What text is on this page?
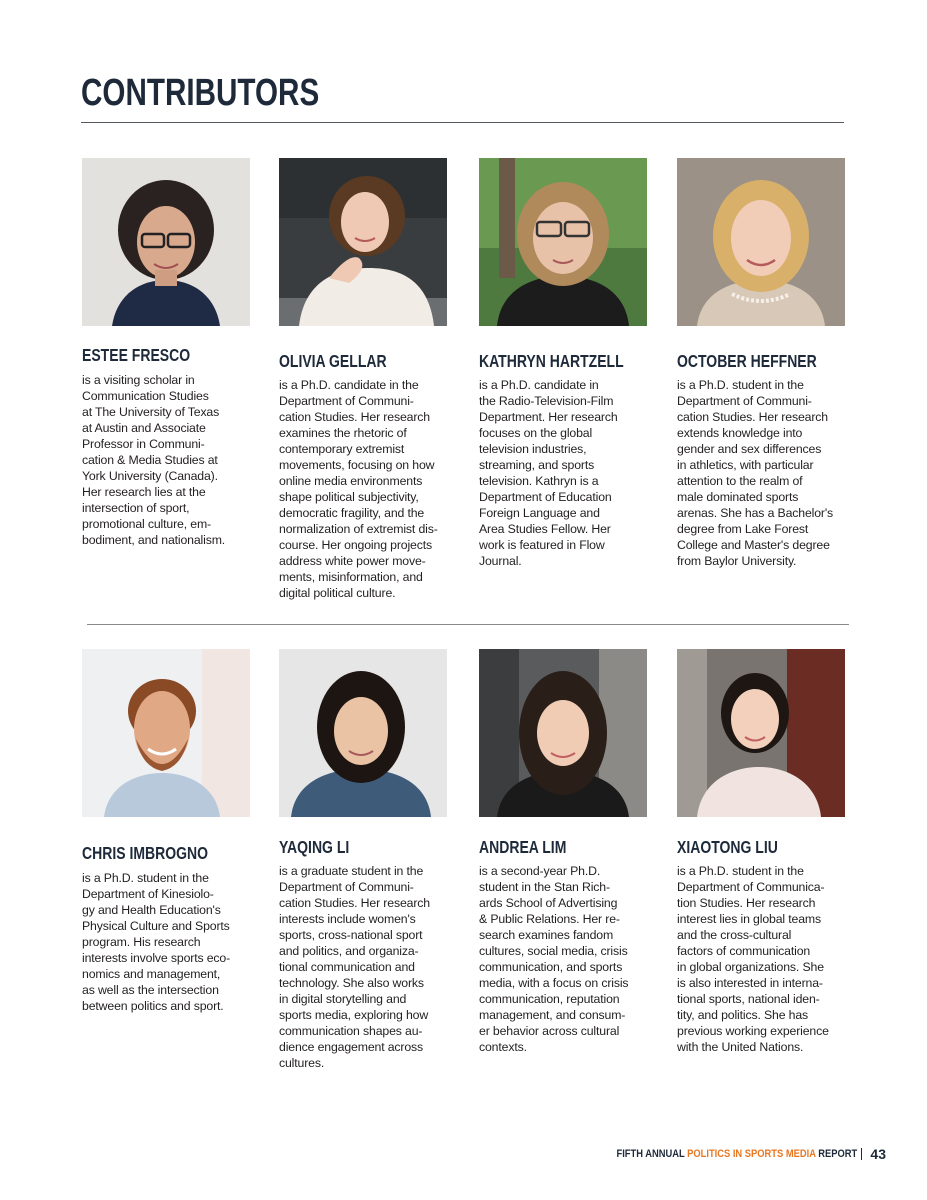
CONTRIBUTORS
ESTEE FRESCO

is a visiting scholar in
Communication Studies
at The University of Texas
at Austin and Associate
Professor in Communi-
cation & Media Studies at
York University (Canada).
Her research lies at the
intersection of sport,
promotional culture, em-
bodiment, and nationalism.

OLIVIA GELLAR

is a Ph.D. candidate in the
Department of Communi-
cation Studies. Her research
examines the rhetoric of
contemporary extremist
movements, focusing on how
online media environments
shape political subjectivity,
democratic fragility, and the
normalization of extremist dis-
course. Her ongoing projects
address white power move-
ments, misinformation, and
digital political culture.

KATHRYN HARTZELL

is a Ph.D. candidate in
the Radio-Television-Film
Department. Her research
focuses on the global
television industries,
streaming, and sports
television. Kathryn is a
Department of Education
Foreign Language and
Area Studies Fellow. Her
work is featured in Flow
Journal.

OCTOBER HEFFNER

is a Ph.D. student in the
Department of Communi-
cation Studies. Her research
extends knowledge into
gender and sex differences
in athletics, with particular
attention to the realm of
male dominated sports
arenas. She has a Bachelor's
degree from Lake Forest
College and Master's degree
from Baylor University.

CHRIS IMBROGNO

is a Ph.D. student in the
Department of Kinesiolo-
gy and Health Education's
Physical Culture and Sports
program. His research
interests involve sports eco-
nomics and management,
as well as the intersection
between politics and sport.

YAQING LI

is a graduate student in the
Department of Communi-
cation Studies. Her research
interests include women's
sports, cross-national sport
and politics, and organiza-
tional communication and
technology. She also works
in digital storytelling and
sports media, exploring how
communication shapes au-
dience engagement across
cultures.

ANDREA LIM

is a second-year Ph.D.
student in the Stan Rich-
ards School of Advertising
& Public Relations. Her re-
search examines fandom
cultures, social media, crisis
communication, and sports
media, with a focus on crisis
communication, reputation
management, and consum-
er behavior across cultural
contexts.

XIAOTONG LIU

is a Ph.D. student in the
Department of Communica-
tion Studies. Her research
interest lies in global teams
and the cross-cultural
factors of communication
in global organizations. She
is also interested in interna-
tional sports, national iden-
tity, and politics. She has
previous working experience
with the United Nations.

FIFTH ANNUAL POLITICS IN SPORTS MEDIA REPORT 43
